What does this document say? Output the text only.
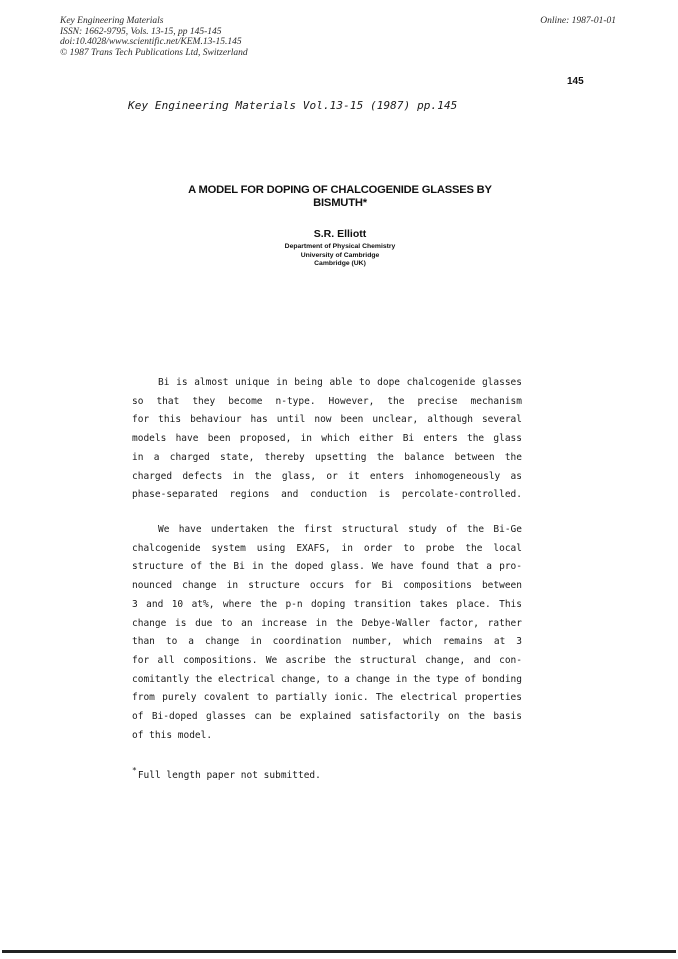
Key Engineering Materials
ISSN: 1662-9795, Vols. 13-15, pp 145-145
doi:10.4028/www.scientific.net/KEM.13-15.145
© 1987 Trans Tech Publications Ltd, Switzerland
Online: 1987-01-01
145
Key Engineering Materials Vol.13-15 (1987) pp.145
A MODEL FOR DOPING OF CHALCOGENIDE GLASSES BY
BISMUTH*
S.R. Elliott
Department of Physical Chemistry
University of Cambridge
Cambridge (UK)
Bi is almost unique in being able to dope chalcogenide glasses
so that they become n-type. However, the precise mechanism
for this behaviour has until now been unclear, although several
models have been proposed, in which either Bi enters the glass
in a charged state, thereby upsetting the balance between the
charged defects in the glass, or it enters inhomogeneously as
phase-separated regions and conduction is percolate-controlled.
We have undertaken the first structural study of the Bi-Ge
chalcogenide system using EXAFS, in order to probe the local
structure of the Bi in the doped glass. We have found that a pro-
nounced change in structure occurs for Bi compositions between
3 and 10 at%, where the p-n doping transition takes place. This
change is due to an increase in the Debye-Waller factor, rather
than to a change in coordination number, which remains at 3
for all compositions. We ascribe the structural change, and con-
comitantly the electrical change, to a change in the type of bonding
from purely covalent to partially ionic. The electrical properties
of Bi-doped glasses can be explained satisfactorily on the basis
of this model.
*Full length paper not submitted.
